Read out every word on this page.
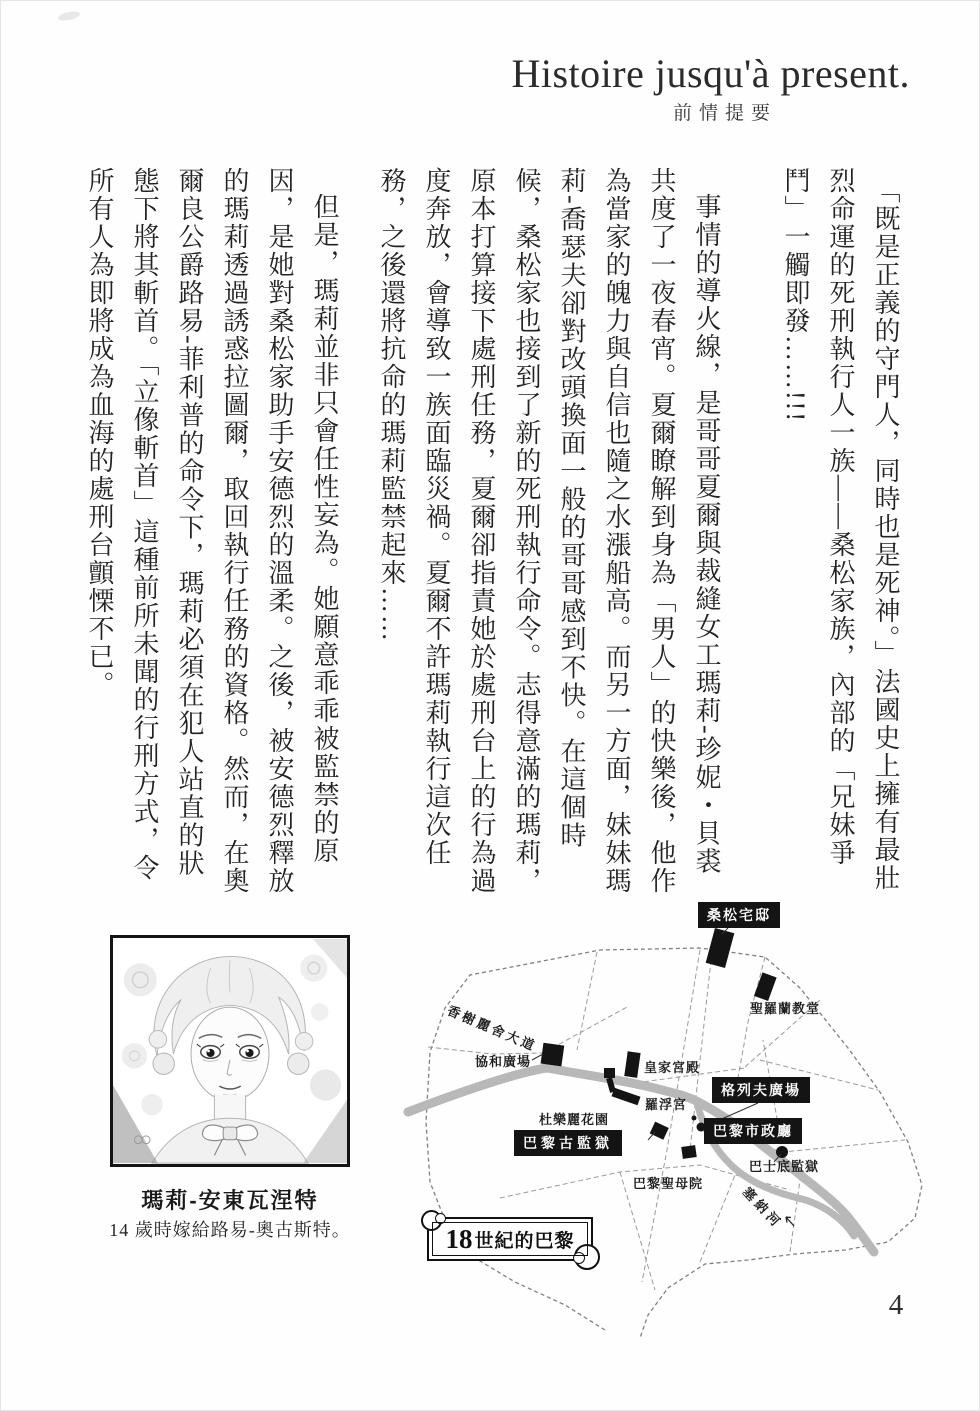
Histoire jusqu'à present.
前情提要

「既是正義的守門人，同時也是死神。」法國史上擁有最壯烈命運的死刑執行人一族——桑松家族，內部的「兄妹爭鬥」一觸即發……!!!

事情的導火線，是哥哥夏爾與裁縫女工瑪莉-珍妮・貝裘共度了一夜春宵。夏爾瞭解到身為「男人」的快樂後，他作為當家的魄力與自信也隨之水漲船高。而另一方面，妹妹瑪莉-喬瑟夫卻對改頭換面一般的哥哥感到不快。在這個時候，桑松家也接到了新的死刑執行命令。志得意滿的瑪莉，原本打算接下處刑任務，夏爾卻指責她於處刑台上的行為過度奔放，會導致一族面臨災禍。夏爾不許瑪莉執行這次任務，之後還將抗命的瑪莉監禁起來……

但是，瑪莉並非只會任性妄為。她願意乖乖被監禁的原因，是她對桑松家助手安德烈的溫柔。之後，被安德烈釋放的瑪莉透過誘惑拉圖爾，取回執行任務的資格。然而，在奧爾良公爵路易-菲利普的命令下，瑪莉必須在犯人站直的狀態下將其斬首。「立像斬首」這種前所未聞的行刑方式，令所有人為即將成為血海的處刑台顫慄不已。

瑪莉-安東瓦涅特
14 歲時嫁給路易-奧古斯特。
桑松宅邸
聖羅蘭教堂
香榭麗舍大道
協和廣場	皇家宮殿
格列夫廣場
羅浮宮
杜樂麗花園
巴黎古監獄
巴黎市政廳
巴黎聖母院
巴士底監獄
塞納河
18 世紀的巴黎
4
